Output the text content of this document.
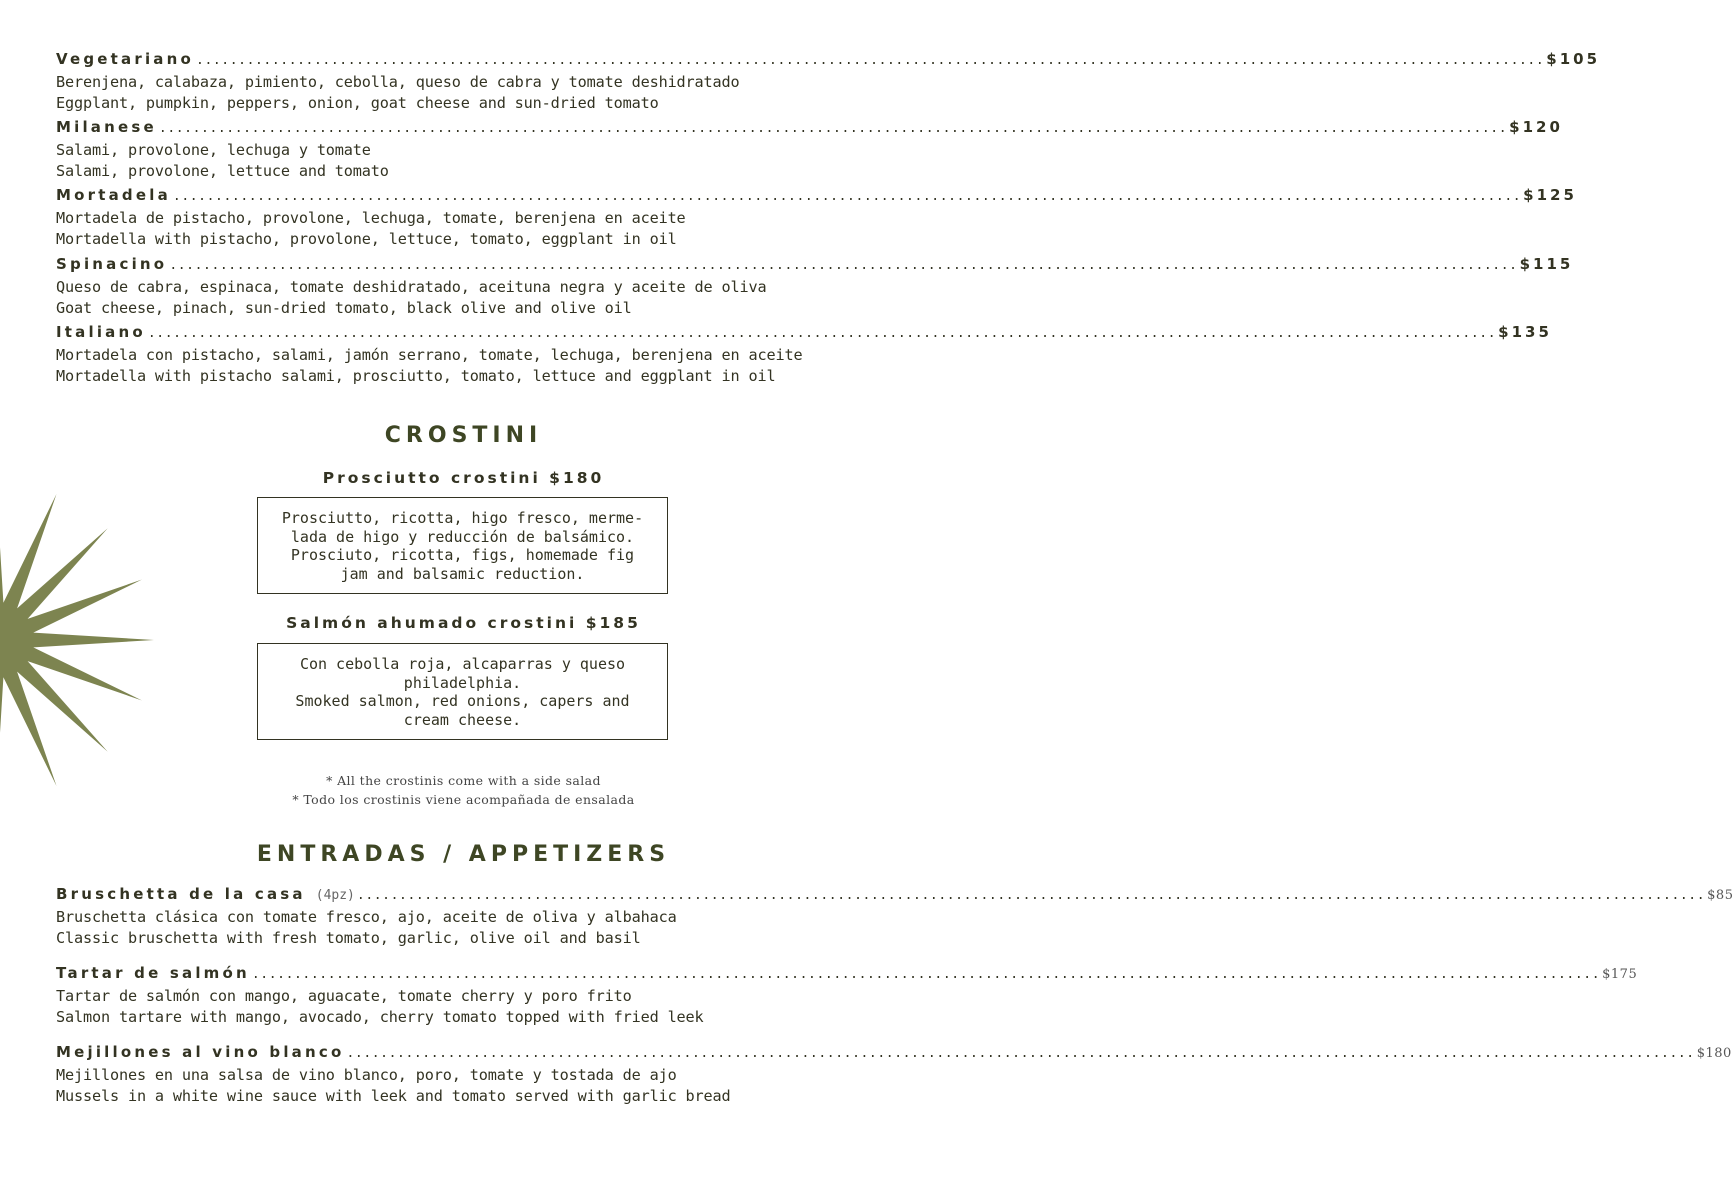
Vegetariano ................................................................................................................................................................ $105
Berenjena, calabaza, pimiento, cebolla, queso de cabra y tomate deshidratado
Eggplant, pumpkin, peppers, onion, goat cheese and sun-dried tomato
Milanese ................................................................................................................................................................ $120
Salami, provolone, lechuga y tomate
Salami, provolone, lettuce and tomato
Mortadela ................................................................................................................................................................ $125
Mortadela de pistacho, provolone, lechuga, tomate, berenjena en aceite
Mortadella with pistacho, provolone, lettuce, tomato, eggplant in oil
Spinacino ................................................................................................................................................................ $115
Queso de cabra, espinaca, tomate deshidratado, aceituna negra y aceite de oliva
Goat cheese, pinach, sun-dried tomato, black olive and olive oil
Italiano ................................................................................................................................................................ $135
Mortadela con pistacho, salami, jamón serrano, tomate, lechuga, berenjena en aceite
Mortadella with pistacho salami, prosciutto, tomato, lettuce and eggplant in oil
CROSTINI
Prosciutto crostini $180
Prosciutto, ricotta, higo fresco, merme-
lada de higo y reducción de balsámico.
Prosciuto, ricotta, figs, homemade fig
jam and balsamic reduction.
Salmón ahumado crostini $185
Con cebolla roja, alcaparras y queso
philadelphia.
Smoked salmon, red onions, capers and
cream cheese.
* All the crostinis come with a side salad
* Todo los crostinis viene acompañada de ensalada
ENTRADAS / APPETIZERS
Bruschetta de la casa (4pz) ................................................................................................................................................................ $85
Bruschetta clásica con tomate fresco, ajo, aceite de oliva y albahaca
Classic bruschetta with fresh tomato, garlic, olive oil and basil
Tartar de salmón ................................................................................................................................................................ $175
Tartar de salmón con mango, aguacate, tomate cherry y poro frito
Salmon tartare with mango, avocado, cherry tomato topped with fried leek
Mejillones al vino blanco ................................................................................................................................................................ $180
Mejillones en una salsa de vino blanco, poro, tomate y tostada de ajo
Mussels in a white wine sauce with leek and tomato served with garlic bread
